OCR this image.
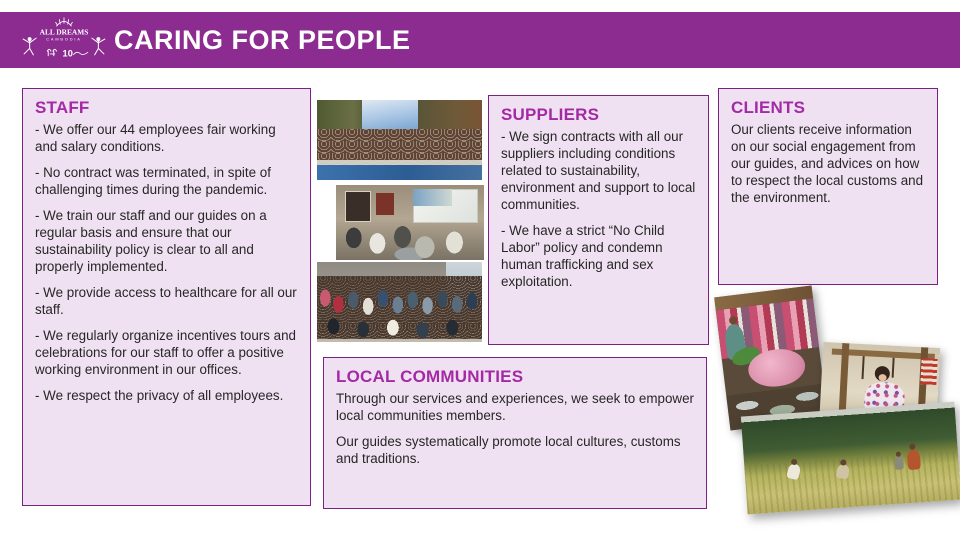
ALL DREAMS
CAMBODIA
10 CARING FOR PEOPLE
STAFF

- We offer our 44 employees fair working and salary conditions.

- No contract was terminated, in spite of challenging times during the pandemic.

- We train our staff and our guides on a regular basis and ensure that our sustainability policy is clear to all and properly implemented.

- We provide access to healthcare for all our staff.

- We regularly organize incentives tours and celebrations for our staff to offer a positive working environment in our offices.

- We respect the privacy of all employees.

SUPPLIERS

- We sign contracts with all our suppliers including conditions related to sustainability, environment and support to local communities.

- We have a strict “No Child Labor” policy and condemn human trafficking and sex exploitation.

CLIENTS

Our clients receive information on our social engagement from our guides, and advices on how to respect the local customs and the environment.

LOCAL COMMUNITIES

Through our services and experiences, we seek to empower local communities members.

Our guides systematically promote local cultures, customs and traditions.
